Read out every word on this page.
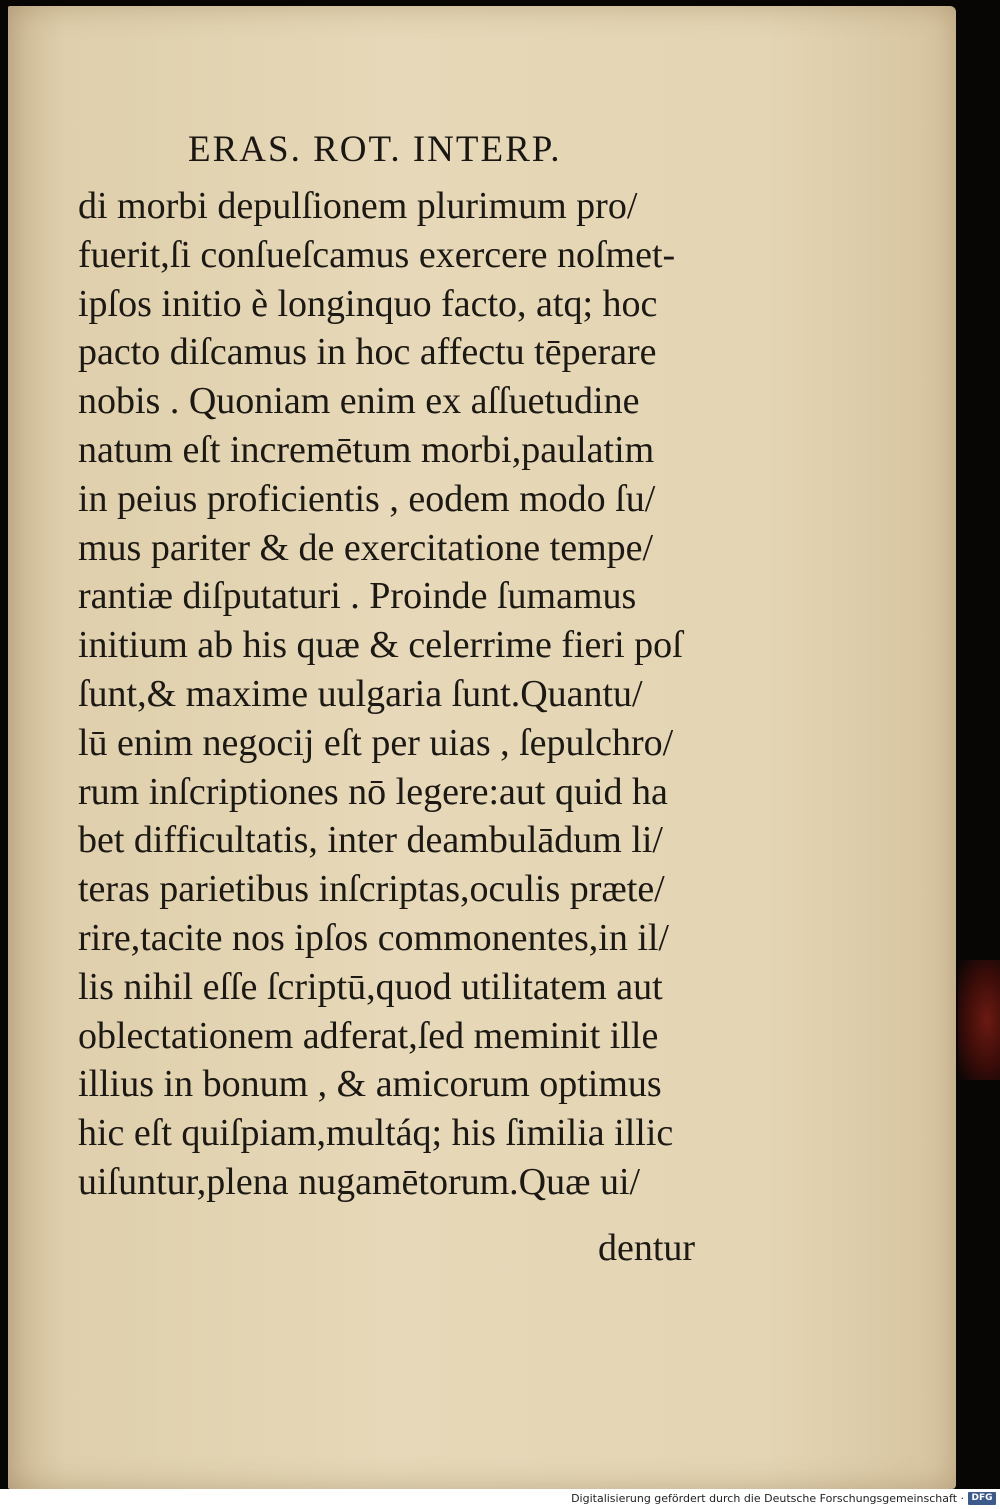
ERAS. ROT. INTERP.
di morbi depulſionem plurimum pro/
fuerit,ſi conſueſcamus exercere noſmet-
ipſos initio è longinquo facto, atq; hoc
pacto diſcamus in hoc affectu tēperare
nobis . Quoniam enim ex aſſuetudine
natum eſt incremētum morbi,paulatim
in peius proficientis , eodem modo ſu/
mus pariter & de exercitatione tempe/
rantiæ diſputaturi . Proinde ſumamus
initium ab his quæ & celerrime fieri poſ
ſunt,& maxime uulgaria ſunt.Quantu/
lū enim negocij eſt per uias , ſepulchro/
rum inſcriptiones nō legere:aut quid ha
bet difficultatis, inter deambulādum li/
teras parietibus inſcriptas,oculis præte/
rire,tacite nos ipſos commonentes,in il/
lis nihil eſſe ſcriptū,quod utilitatem aut
oblectationem adferat,ſed meminit ille
illius in bonum , & amicorum optimus
hic eſt quiſpiam,multáq; his ſimilia illic
uiſuntur,plena nugamētorum.Quæ ui/
dentur
Digitalisierung gefördert durch die Deutsche Forschungsgemeinschaft · DFG
